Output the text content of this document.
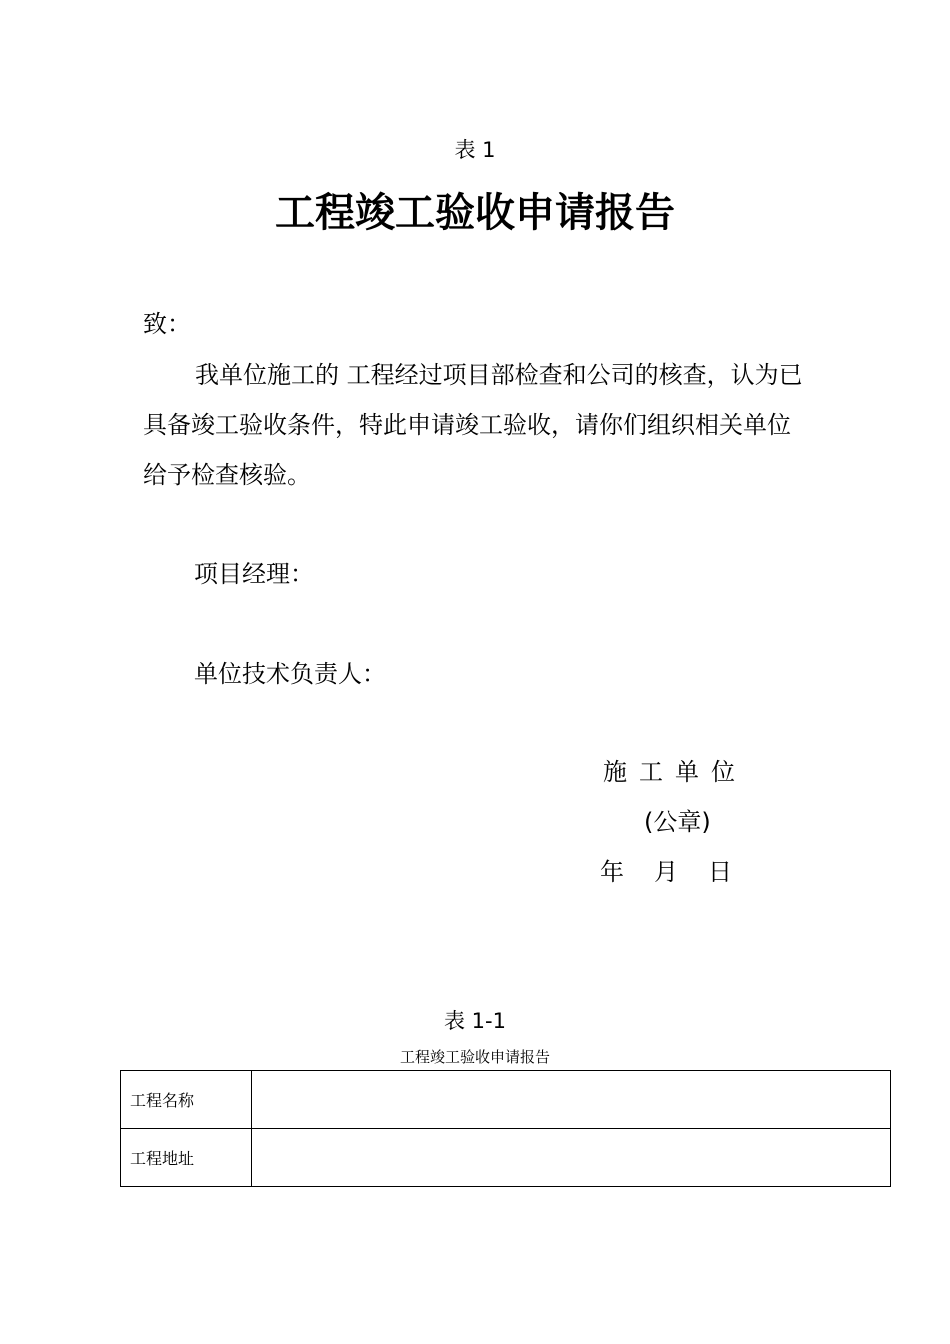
表 1
工程竣工验收申请报告
致：
我单位施工的 工程经过项目部检查和公司的核查，认为已具备竣工验收条件，特此申请竣工验收，请你们组织相关单位给予检查核验。
项目经理：
单位技术负责人：
施工单位
(公章)
年 月 日
表 1-1
工程竣工验收申请报告
工程名称	
工程地址	
